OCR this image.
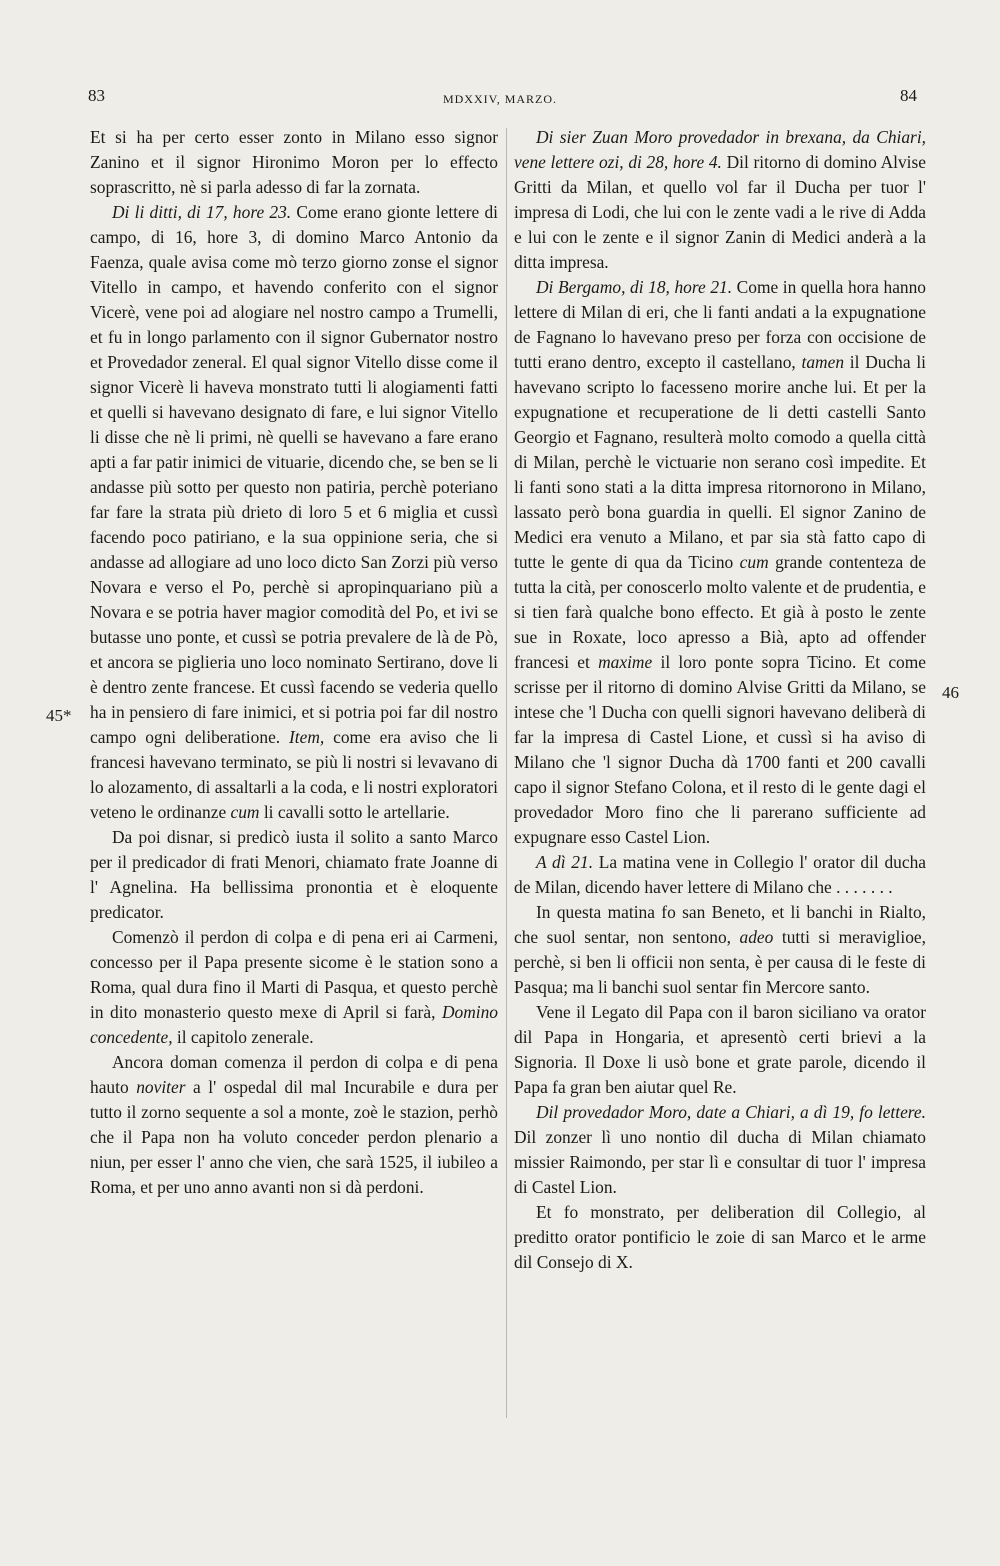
83	MDXXIV, MARZO.	84
45*
46

Et si ha per certo esser zonto in Milano esso signor Zanino et il signor Hironimo Moron per lo effecto soprascritto, nè si parla adesso di far la zornata.

Di li ditti, di 17, hore 23. Come erano gionte lettere di campo, di 16, hore 3, di domino Marco Antonio da Faenza, quale avisa come mò terzo giorno zonse el signor Vitello in campo, et havendo conferito con el signor Vicerè, vene poi ad alogiare nel nostro campo a Trumelli, et fu in longo parlamento con il signor Gubernator nostro et Provedador zeneral. El qual signor Vitello disse come il signor Vicerè li haveva monstrato tutti li alogiamenti fatti et quelli si havevano designato di fare, e lui signor Vitello li disse che nè li primi, nè quelli se havevano a fare erano apti a far patir inimici de vituarie, dicendo che, se ben se li andasse più sotto per questo non patiria, perchè poteriano far fare la strata più drieto di loro 5 et 6 miglia et cussì facendo poco patiriano, e la sua oppinione seria, che si andasse ad allogiare ad uno loco dicto San Zorzi più verso Novara e verso el Po, perchè si apropinquariano più a Novara e se potria haver magior comodità del Po, et ivi se butasse uno ponte, et cussì se potria prevalere de là de Pò, et ancora se piglieria uno loco nominato Sertirano, dove li è dentro zente francese. Et cussì facendo se vederia quello ha in pensiero di fare inimici, et si potria poi far dil nostro campo ogni deliberatione. Item, come era aviso che li francesi havevano terminato, se più li nostri si levavano di lo alozamento, di assaltarli a la coda, e li nostri exploratori veteno le ordinanze cum li cavalli sotto le artellarie.

Da poi disnar, si predicò iusta il solito a santo Marco per il predicador di frati Menori, chiamato frate Joanne di l' Agnelina. Ha bellissima pronontia et è eloquente predicator.

Comenzò il perdon di colpa e di pena eri ai Carmeni, concesso per il Papa presente sicome è le station sono a Roma, qual dura fino il Marti di Pasqua, et questo perchè in dito monasterio questo mexe di April si farà, Domino concedente, il capitolo zenerale.

Ancora doman comenza il perdon di colpa e di pena hauto noviter a l' ospedal dil mal Incurabile e dura per tutto il zorno sequente a sol a monte, zoè le stazion, perhò che il Papa non ha voluto conceder perdon plenario a niun, per esser l' anno che vien, che sarà 1525, il iubileo a Roma, et per uno anno avanti non si dà perdoni.

Di sier Zuan Moro provedador in brexana, da Chiari, vene lettere ozi, di 28, hore 4. Dil ritorno di domino Alvise Gritti da Milan, et quello vol far il Ducha per tuor l' impresa di Lodi, che lui con le zente vadi a le rive di Adda e lui con le zente e il signor Zanin di Medici anderà a la ditta impresa.

Di Bergamo, di 18, hore 21. Come in quella hora hanno lettere di Milan di eri, che li fanti andati a la expugnatione de Fagnano lo havevano preso per forza con occisione de tutti erano dentro, excepto il castellano, tamen il Ducha li havevano scripto lo facesseno morire anche lui. Et per la expugnatione et recuperatione de li detti castelli Santo Georgio et Fagnano, resulterà molto comodo a quella città di Milan, perchè le victuarie non serano così impedite. Et li fanti sono stati a la ditta impresa ritornorono in Milano, lassato però bona guardia in quelli. El signor Zanino de Medici era venuto a Milano, et par sia stà fatto capo di tutte le gente di qua da Ticino cum grande contenteza de tutta la cità, per conoscerlo molto valente et de prudentia, e si tien farà qualche bono effecto. Et già à posto le zente sue in Roxate, loco apresso a Bià, apto ad offender francesi et maxime il loro ponte sopra Ticino. Et come scrisse per il ritorno di domino Alvise Gritti da Milano, se intese che 'l Ducha con quelli signori havevano deliberà di far la impresa di Castel Lione, et cussì si ha aviso di Milano che 'l signor Ducha dà 1700 fanti et 200 cavalli capo il signor Stefano Colona, et il resto di le gente dagi el provedador Moro fino che li parerano sufficiente ad expugnare esso Castel Lion.

A dì 21. La matina vene in Collegio l' orator dil ducha de Milan, dicendo haver lettere di Milano che . . . . . . .

In questa matina fo san Beneto, et li banchi in Rialto, che suol sentar, non sentono, adeo tutti si meraviglioe, perchè, si ben li officii non senta, è per causa di le feste di Pasqua; ma li banchi suol sentar fin Mercore santo.

Vene il Legato dil Papa con il baron siciliano va orator dil Papa in Hongaria, et apresentò certi brievi a la Signoria. Il Doxe li usò bone et grate parole, dicendo il Papa fa gran ben aiutar quel Re.

Dil provedador Moro, date a Chiari, a dì 19, fo lettere. Dil zonzer lì uno nontio dil ducha di Milan chiamato missier Raimondo, per star lì e consultar di tuor l' impresa di Castel Lion.

Et fo monstrato, per deliberation dil Collegio, al preditto orator pontificio le zoie di san Marco et le arme dil Consejo di X.
